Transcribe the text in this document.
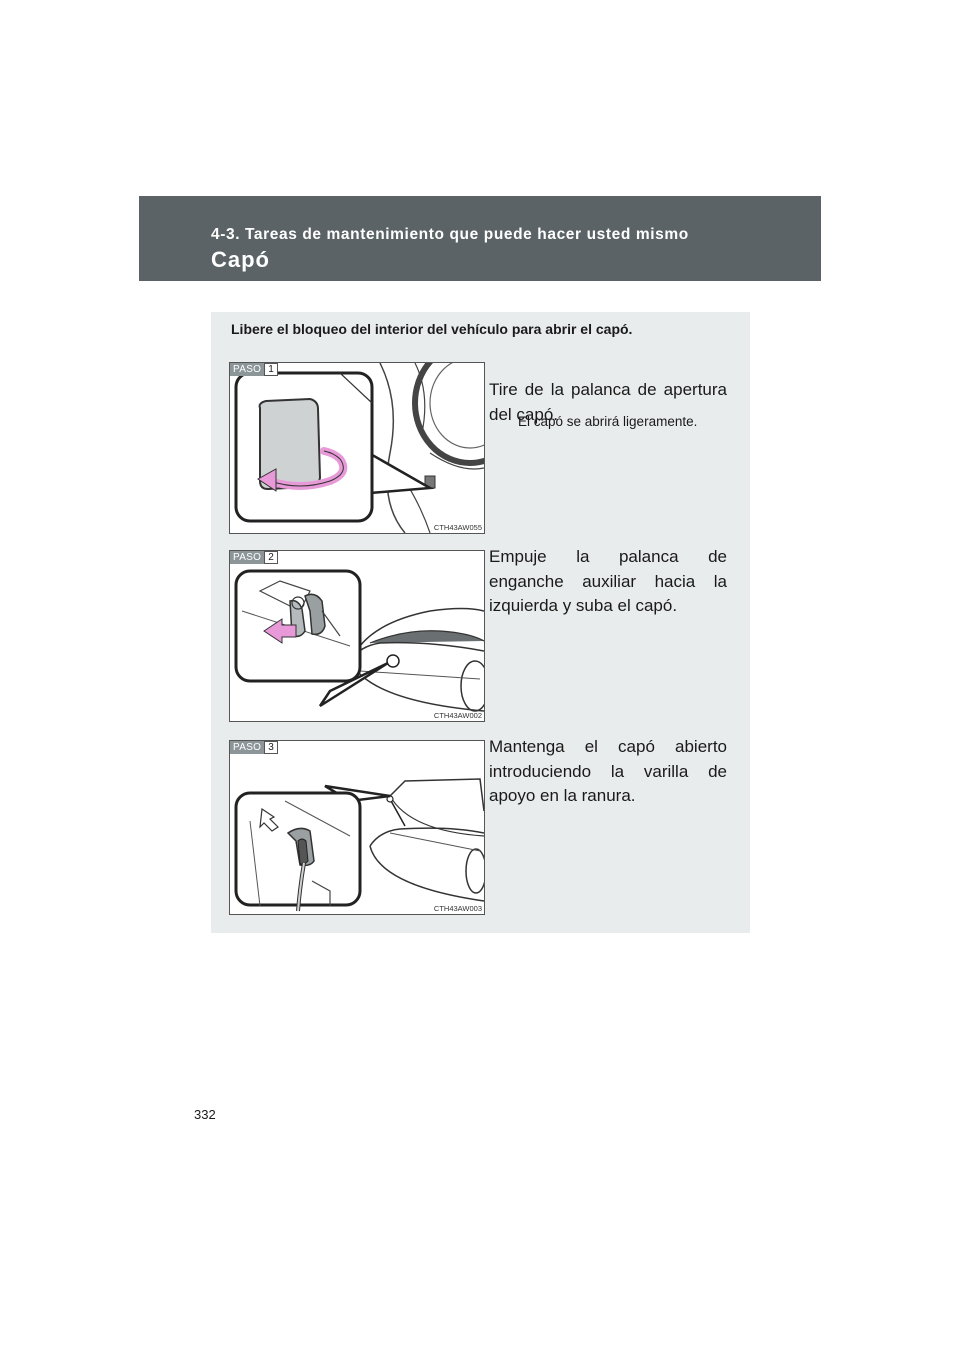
4-3. Tareas de mantenimiento que puede hacer usted mismo
Capó
Libere el bloqueo del interior del vehículo para abrir el capó.
PASO 1
CTH43AW055
Tire de la palanca de apertura del capó.
El capó se abrirá ligeramente.
PASO 2
CTH43AW002
Empuje la palanca de enganche auxiliar hacia la izquierda y suba el capó.
PASO 3
CTH43AW003
Mantenga el capó abierto introduciendo la varilla de apoyo en la ranura.
332
